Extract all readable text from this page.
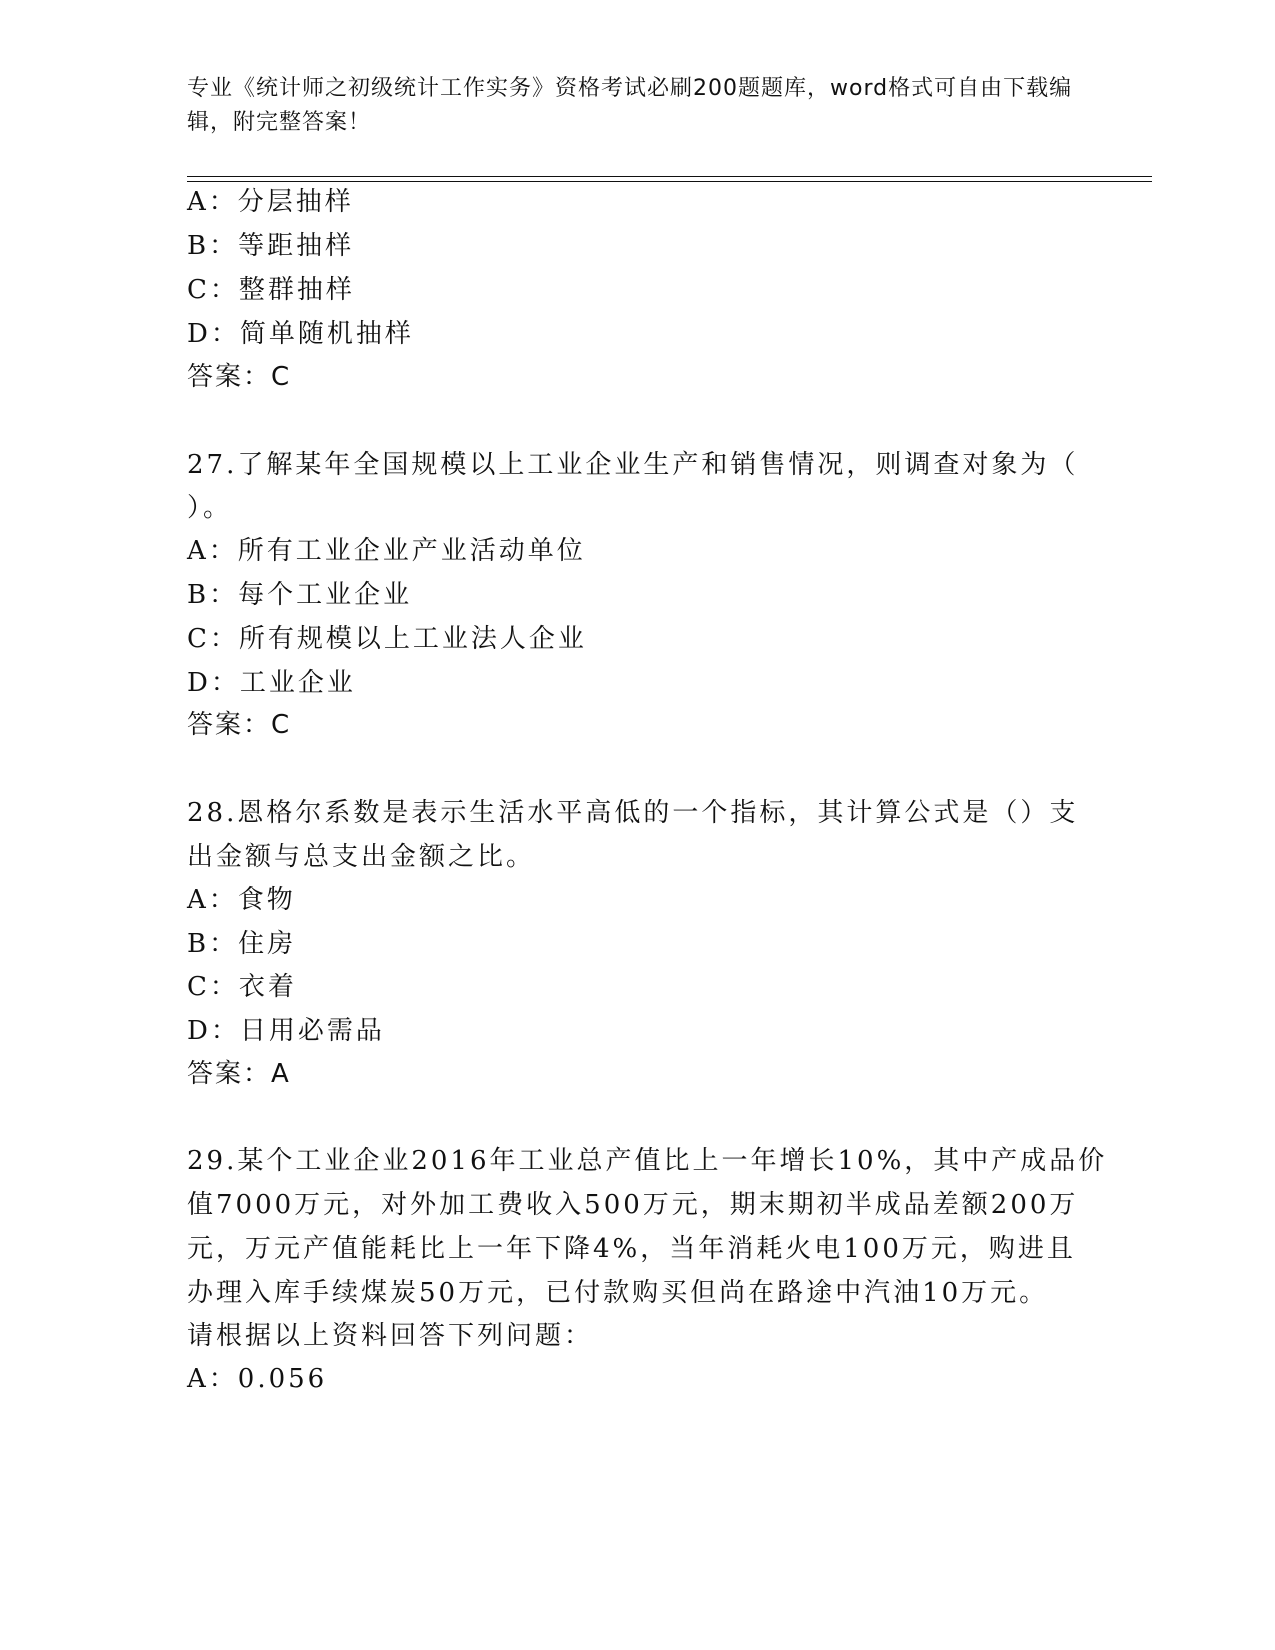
专业《统计师之初级统计工作实务》资格考试必刷200题题库，word格式可自由下载编辑，附完整答案！
A：分层抽样
B：等距抽样
C：整群抽样
D：简单随机抽样
答案：C
27.了解某年全国规模以上工业企业生产和销售情况，则调查对象为（
）。
A：所有工业企业产业活动单位
B：每个工业企业
C：所有规模以上工业法人企业
D：工业企业
答案：C
28.恩格尔系数是表示生活水平高低的一个指标，其计算公式是（）支
出金额与总支出金额之比。
A：食物
B：住房
C：衣着
D：日用必需品
答案：A
29.某个工业企业2016年工业总产值比上一年增长10%，其中产成品价
值7000万元，对外加工费收入500万元，期末期初半成品差额200万
元，万元产值能耗比上一年下降4%，当年消耗火电100万元，购进且
办理入库手续煤炭50万元，已付款购买但尚在路途中汽油10万元。
请根据以上资料回答下列问题：
A：0.056
